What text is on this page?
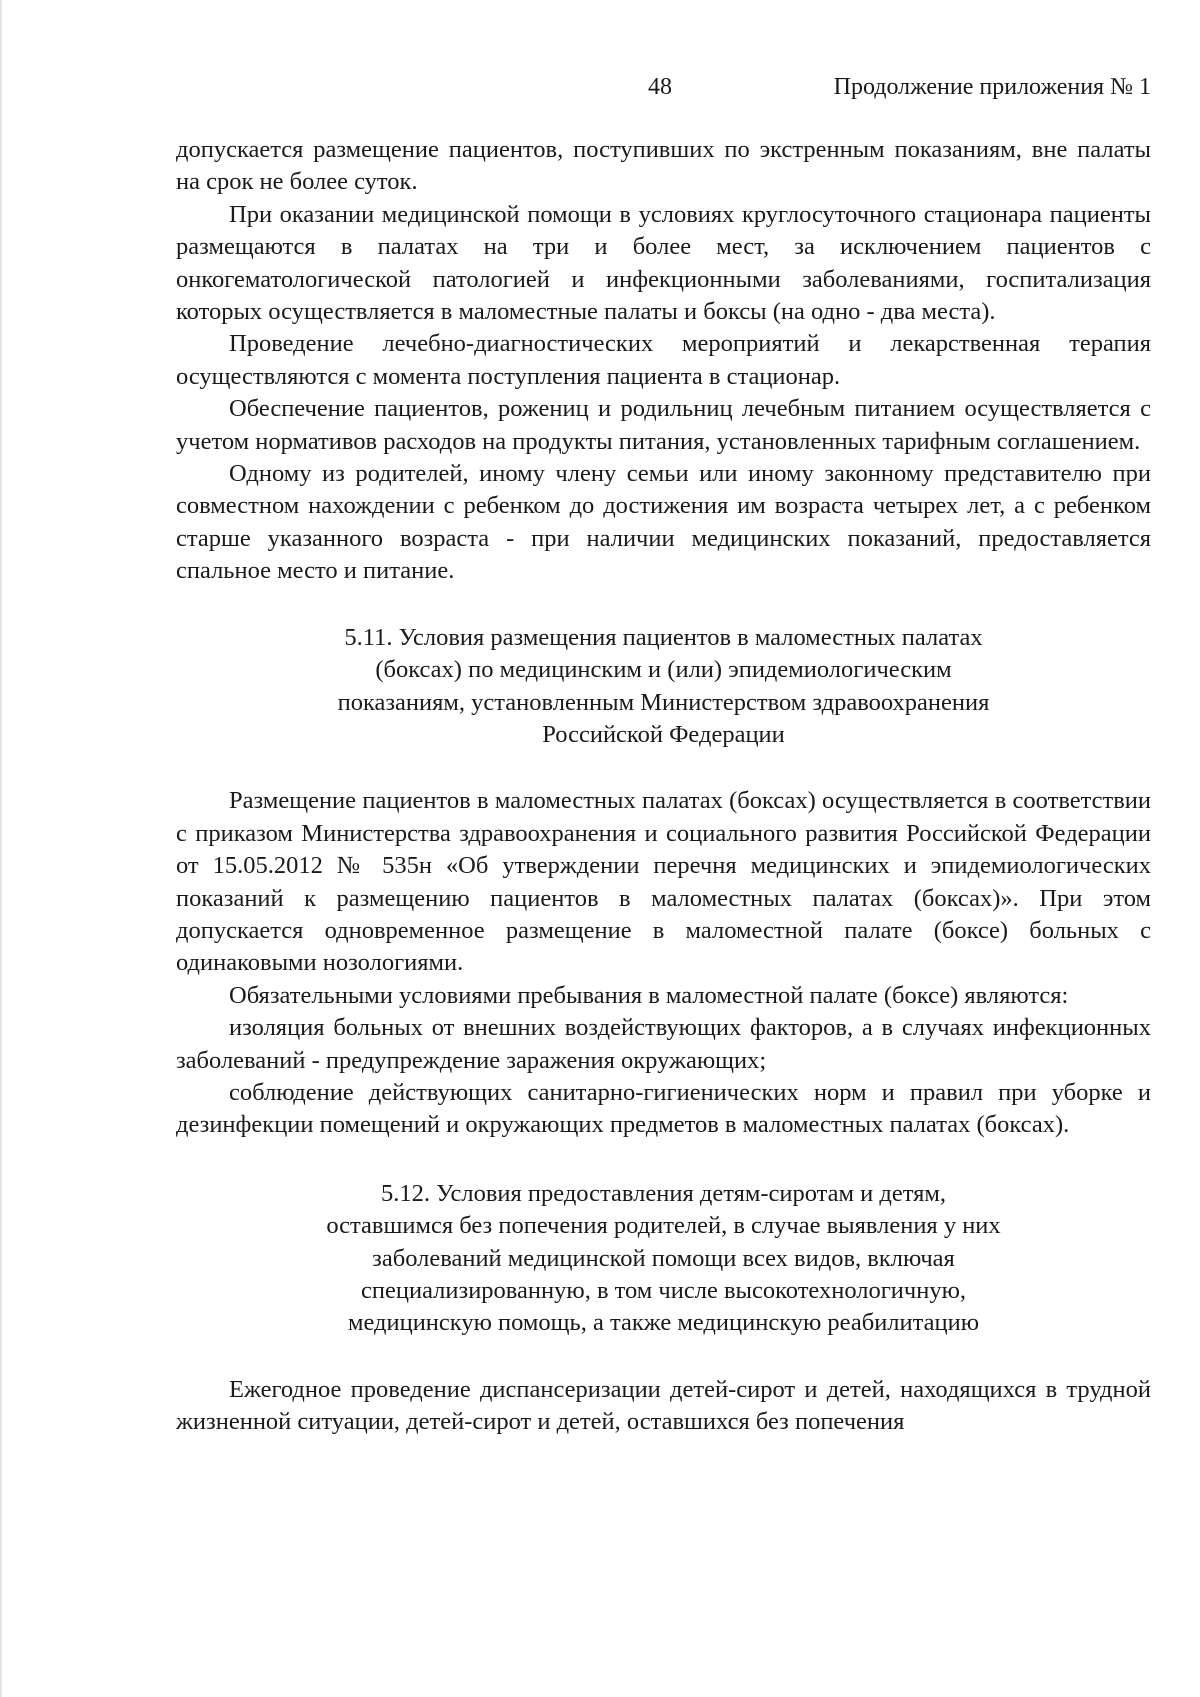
48	Продолжение приложения № 1

допускается размещение пациентов, поступивших по экстренным показаниям, вне палаты на срок не более суток.

При оказании медицинской помощи в условиях круглосуточного стационара пациенты размещаются в палатах на три и более мест, за исключением пациентов с онкогематологической патологией и инфекционными заболеваниями, госпитализация которых осуществляется в маломестные палаты и боксы (на одно - два места).

Проведение лечебно-диагностических мероприятий и лекарственная терапия осуществляются с момента поступления пациента в стационар.

Обеспечение пациентов, рожениц и родильниц лечебным питанием осуществляется с учетом нормативов расходов на продукты питания, установленных тарифным соглашением.

Одному из родителей, иному члену семьи или иному законному представителю при совместном нахождении с ребенком до достижения им возраста четырех лет, а с ребенком старше указанного возраста - при наличии медицинских показаний, предоставляется спальное место и питание.

5.11. Условия размещения пациентов в маломестных палатах
(боксах) по медицинским и (или) эпидемиологическим
показаниям, установленным Министерством здравоохранения
Российской Федерации

Размещение пациентов в маломестных палатах (боксах) осуществляется в соответствии с приказом Министерства здравоохранения и социального развития Российской Федерации от 15.05.2012 № 535н «Об утверждении перечня медицинских и эпидемиологических показаний к размещению пациентов в маломестных палатах (боксах)». При этом допускается одновременное размещение в маломестной палате (боксе) больных с одинаковыми нозологиями.

Обязательными условиями пребывания в маломестной палате (боксе) являются:

изоляция больных от внешних воздействующих факторов, а в случаях инфекционных заболеваний - предупреждение заражения окружающих;

соблюдение действующих санитарно-гигиенических норм и правил при уборке и дезинфекции помещений и окружающих предметов в маломестных палатах (боксах).

5.12. Условия предоставления детям-сиротам и детям,
оставшимся без попечения родителей, в случае выявления у них
заболеваний медицинской помощи всех видов, включая
специализированную, в том числе высокотехнологичную,
медицинскую помощь, а также медицинскую реабилитацию

Ежегодное проведение диспансеризации детей-сирот и детей, находящихся в трудной жизненной ситуации, детей-сирот и детей, оставшихся без попечения
